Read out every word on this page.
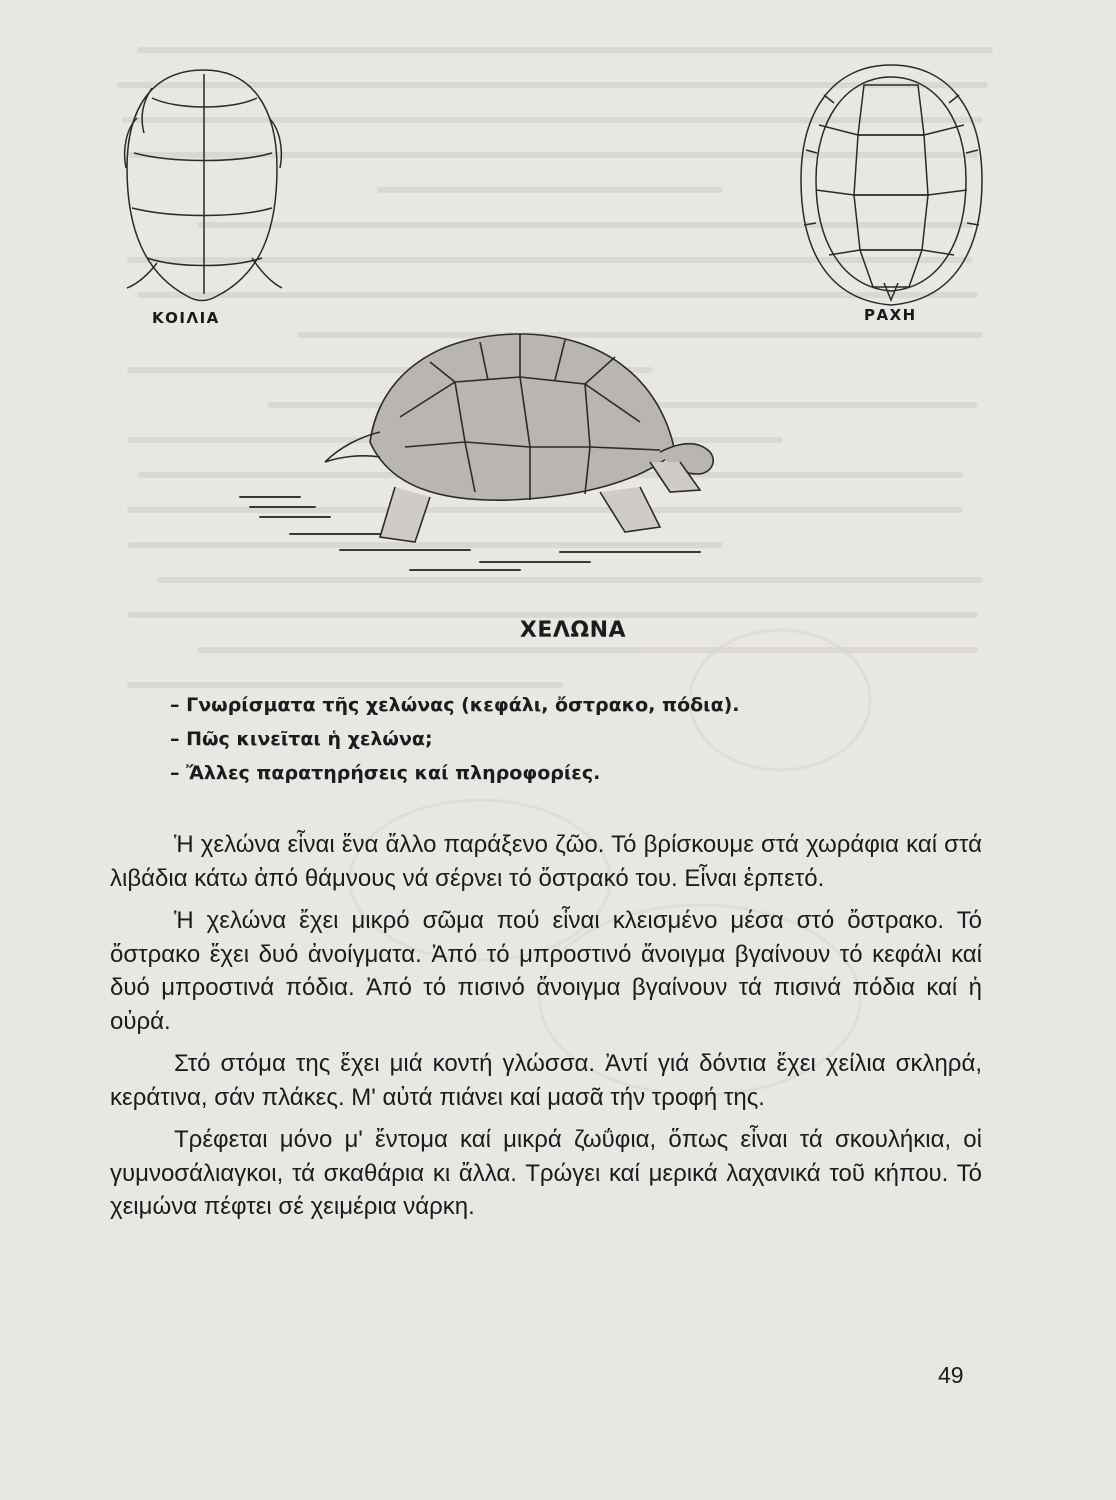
ΚΟΙΛΙΑ	ΡΑΧΗ
ΧΕΛΩΝΑ
– Γνωρίσματα τῆς χελώνας (κεφάλι, ὄστρακο, πόδια).
– Πῶς κινεῖται ἡ χελώνα;
– Ἄλλες παρατηρήσεις καί πληροφορίες.

Ἡ χελώνα εἶναι ἕνα ἄλλο παράξενο ζῶο. Τό βρίσκουμε στά χωράφια καί στά λιβάδια κάτω ἀπό θάμνους νά σέρνει τό ὄστρακό του. Εἶναι ἑρπετό.

Ἡ χελώνα ἔχει μικρό σῶμα πού εἶναι κλεισμένο μέσα στό ὄστρακο. Τό ὄστρακο ἔχει δυό ἀνοίγματα. Ἀπό τό μπροστινό ἄνοιγμα βγαίνουν τό κεφάλι καί δυό μπροστινά πόδια. Ἀπό τό πισινό ἄνοιγμα βγαίνουν τά πισινά πόδια καί ἡ οὐρά.

Στό στόμα της ἔχει μιά κοντή γλώσσα. Ἀντί γιά δόντια ἔχει χείλια σκληρά, κεράτινα, σάν πλάκες. Μ' αὐτά πιάνει καί μασᾶ τήν τροφή της.

Τρέφεται μόνο μ' ἔντομα καί μικρά ζωΰφια, ὅπως εἶναι τά σκουλήκια, οἱ γυμνοσάλιαγκοι, τά σκαθάρια κι ἄλλα. Τρώγει καί μερικά λαχανικά τοῦ κήπου. Τό χειμώνα πέφτει σέ χειμέρια νάρκη.

49
